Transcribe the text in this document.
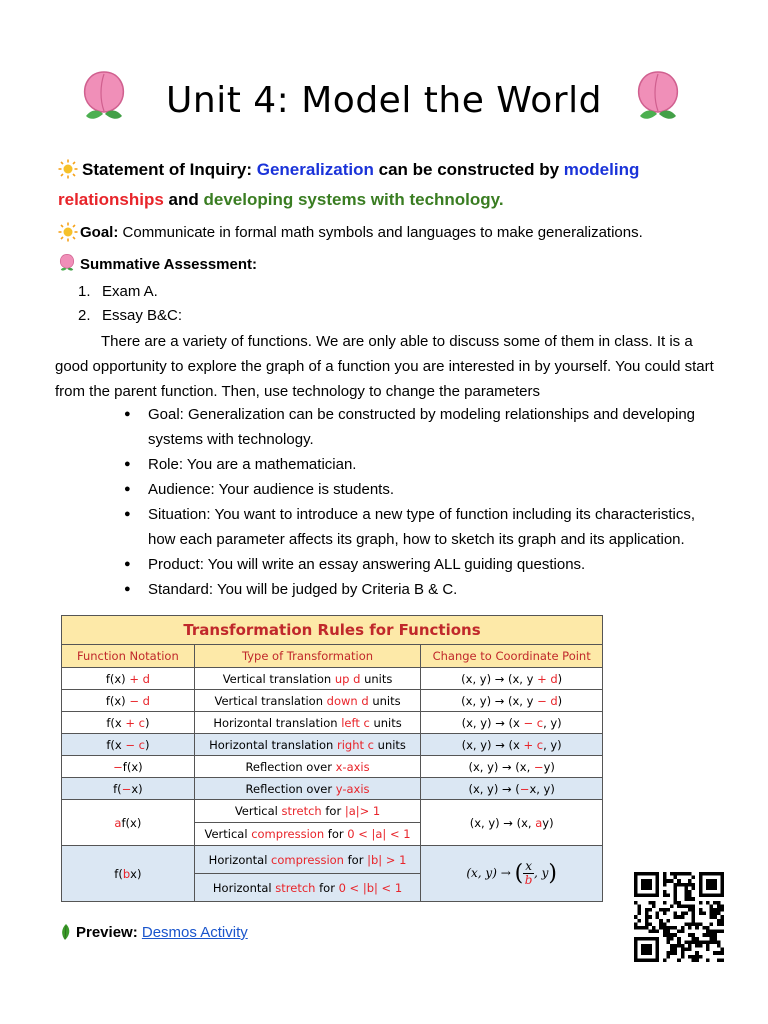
Unit 4: Model the World
Statement of Inquiry: Generalization can be constructed by modeling
relationships and developing systems with technology.
Goal: Communicate in formal math symbols and languages to make generalizations.
Summative Assessment:
1. Exam A.
2. Essay B&C:
There are a variety of functions. We are only able to discuss some of them in class. It is a good opportunity to explore the graph of a function you are interested in by yourself. You could start from the parent function. Then, use technology to change the parameters
● Goal: Generalization can be constructed by modeling relationships and developing systems with technology.
● Role: You are a mathematician.
● Audience: Your audience is students.
● Situation: You want to introduce a new type of function including its characteristics, how each parameter affects its graph, how to sketch its graph and its application.
● Product: You will write an essay answering ALL guiding questions.
● Standard: You will be judged by Criteria B & C.
Transformation Rules for Functions		
Function Notation	Type of Transformation	Change to Coordinate Point
f(x) + d	Vertical translation up d units	(x, y) → (x, y + d)
f(x) − d	Vertical translation down d units	(x, y) → (x, y − d)
f(x + c)	Horizontal translation left c units	(x, y) → (x − c, y)
f(x − c)	Horizontal translation right c units	(x, y) → (x + c, y)
−f(x)	Reflection over x-axis	(x, y) → (x, −y)
f(−x)	Reflection over y-axis	(x, y) → (−x, y)
af(x)	Vertical stretch for |a|> 1	(x, y) → (x, ay)
	Vertical compression for 0 < |a| < 1	
f(bx)	Horizontal compression for |b| > 1	(x, y) → ( $\frac{x}{b}$ , y)
	Horizontal stretch for 0 < |b| < 1	
Preview: Desmos Activity
